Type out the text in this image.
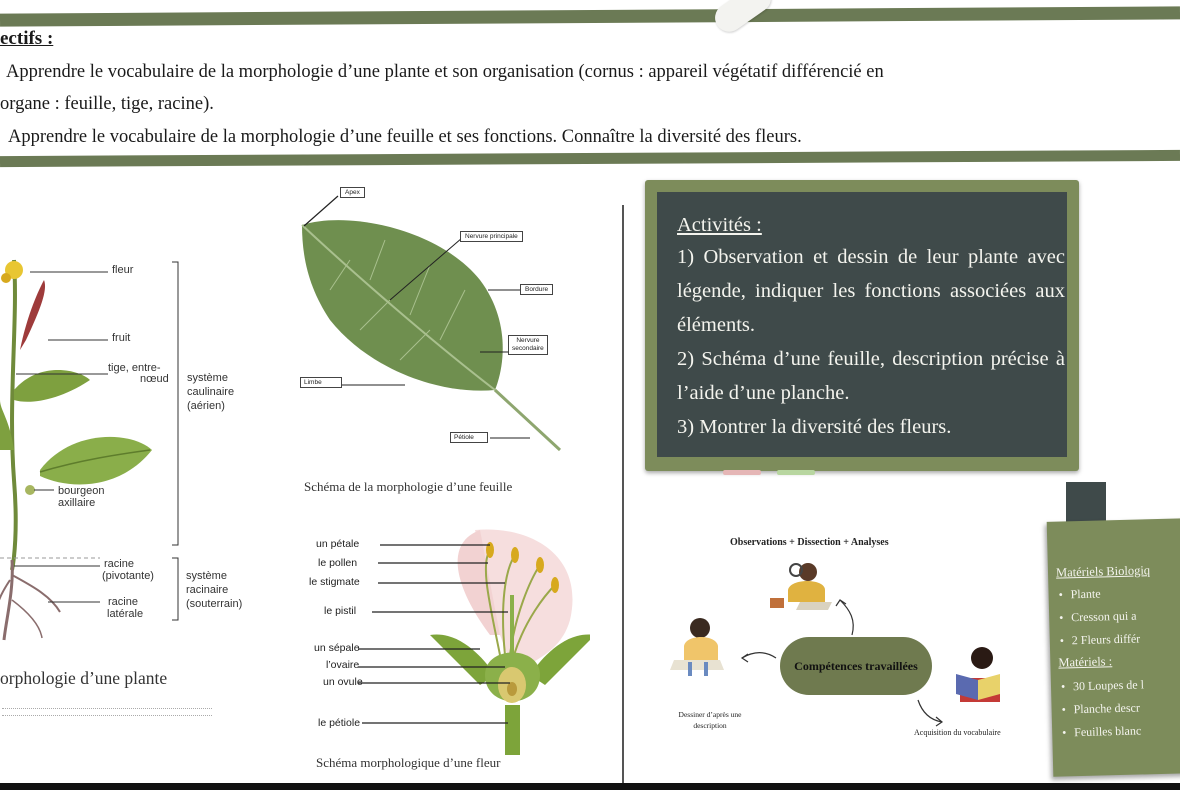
ectifs :
Apprendre le vocabulaire de la morphologie d’une plante et son organisation (cornus : appareil végétatif différencié en
organe : feuille, tige, racine).
Apprendre le vocabulaire de la morphologie d’une feuille et ses fonctions. Connaître la diversité des fleurs.
fleur
fruit
tige, entre-
nœud
bourgeon
axillaire
racine
(pivotante)
racine
latérale
système
caulinaire
(aérien)
système
racinaire
(souterrain)
orphologie d’une plante
Apex
Nervure principale
Bordure
Nervure
secondaire
Limbe
Pétiole
Schéma de la morphologie d’une feuille
un pétale
le pollen
le stigmate
le pistil
un sépale
l’ovaire
un ovule
le pétiole
Schéma morphologique d’une fleur
Activités :
1) Observation et dessin de leur plante avec légende, indiquer les fonctions associées aux éléments.
2) Schéma d’une feuille, description précise à l’aide d’une planche.
3) Montrer la diversité des fleurs.
Observations + Dissection + Analyses
Compétences travaillées
Dessiner d’après une
description
Acquisition du vocabulaire
Matériels Biologiq
• Plante
• Cresson qui a
• 2 Fleurs différ
Matériels :
• 30 Loupes de l
• Planche descr
• Feuilles blanc
